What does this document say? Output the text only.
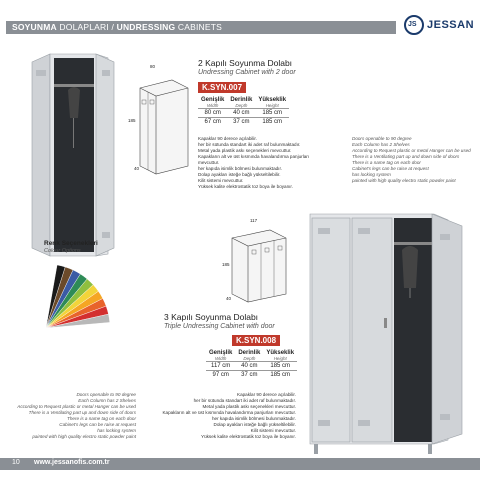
SOYUNMA DOLAPLARI / UNDRESSING CABINETS	JS JESSAN
80
185
40
2 Kapılı Soyunma Dolabı
Undressing Cabinet with 2 door
K.SYN.007
Genişlik
Width	Derinlik
Depth	Yükseklik
Height

80 cm	40 cm	185 cm
67 cm	37 cm	185 cm
Kapaklar 90 derece açılabilir.
her bir sütunda standart iki adet raf bulunmaktadır.
Metal yada plastik askı seçenekleri mevcuttur.
Kapakların alt ve üst kısmında havalandırma panjurları mevcuttur.
her kapıda isimlik bölmesi bulunmaktadır.
Dolap ayakları isteğe bağlı yükseltilebilir.
Kilit sistemi mevcuttur.
Yüksek kalite elektrostatik toz boya ile boyanır.
Doors openable to 90 degree
Each Column has 2 Shelves
According to Request plastic or metal Hanger can be used
There is a Ventilating part up and down side of doors
There is a name tag on each door
Cabinet's legs can be raise at request
has locking system
painted with high quality electro static powder paint
Renk Seçenekleri
Colour Options
117
185
40
3 Kapılı Soyunma Dolabı
Triple Undressing Cabinet with door
K.SYN.008
Genişlik
Width	Derinlik
Depth	Yükseklik
Height

117 cm	40 cm	185 cm
97 cm	37 cm	185 cm
Doors openable to 90 degree
Each Column has 2 Shelves
According to Request plastic or metal Hanger can be used
There is a Ventilating part up and down side of doors
There is a name tag on each door
Cabinet's legs can be raise at request
has locking system
painted with high quality electro static powder paint
Kapaklar 90 derece açılabilir.
her bir sütunda standart iki adet raf bulunmaktadır.
Metal yada plastik askı seçenekleri mevcuttur.
Kapakların alt ve üst kısmında havalandırma panjurları mevcuttur.
her kapıda isimlik bölmesi bulunmaktadır.
Dolap ayakları isteğe bağlı yükseltilebilir.
Kilit sistemi mevcuttur.
Yüksek kalite elektrostatik toz boya ile boyanır.
10 www.jessanofis.com.tr
